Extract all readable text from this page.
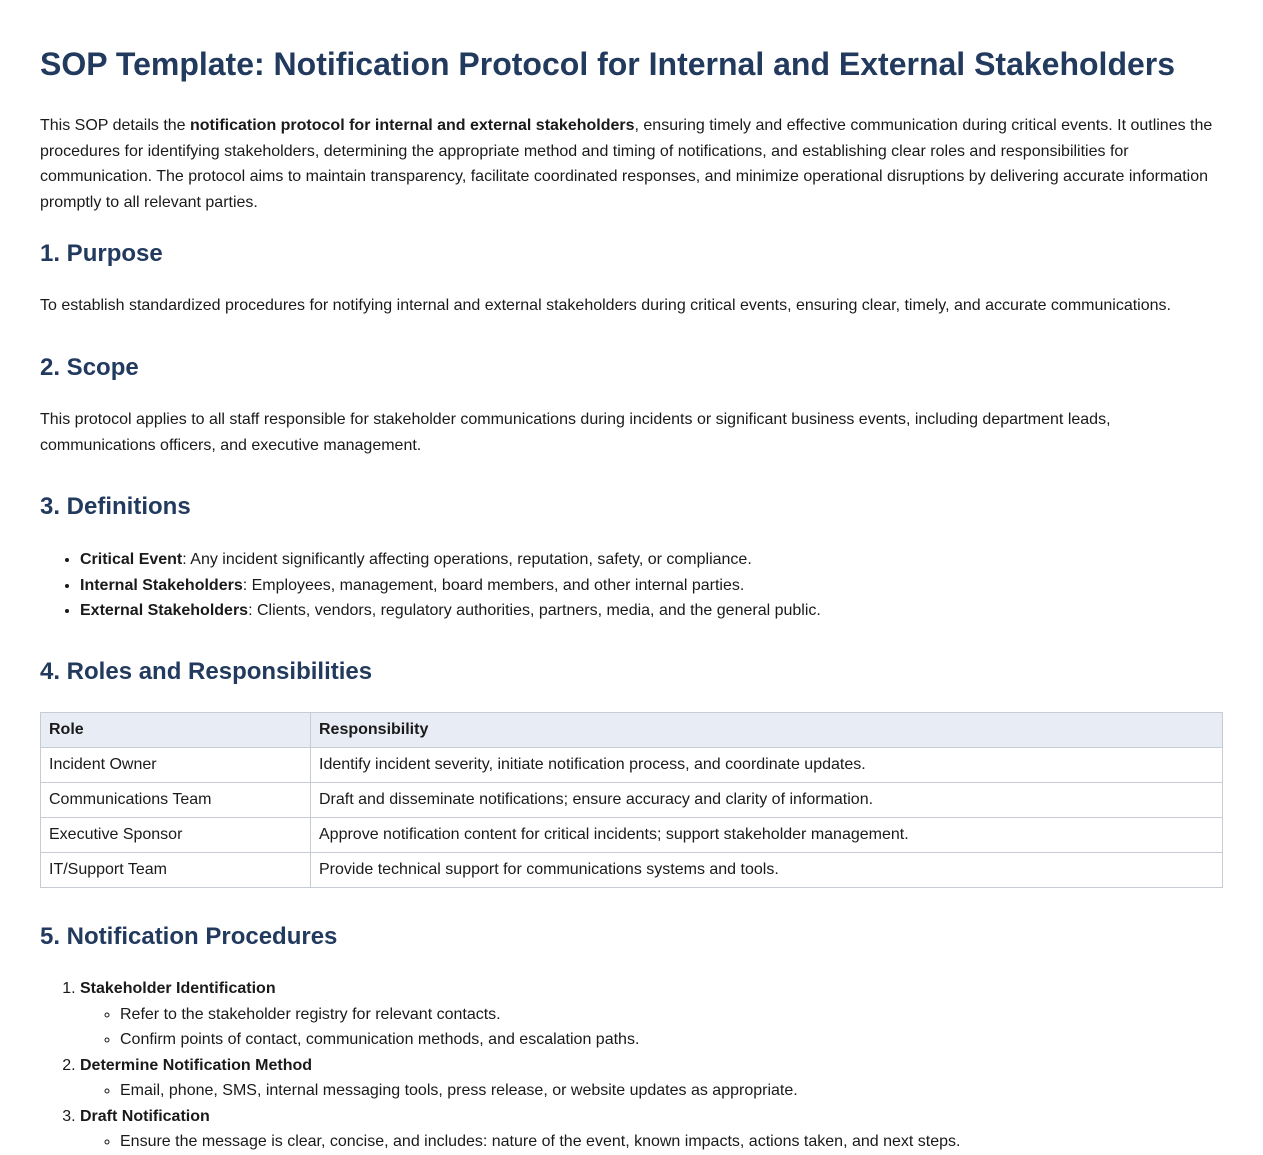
SOP Template: Notification Protocol for Internal and External Stakeholders

This SOP details the notification protocol for internal and external stakeholders, ensuring timely and effective communication during critical events. It outlines the procedures for identifying stakeholders, determining the appropriate method and timing of notifications, and establishing clear roles and responsibilities for communication. The protocol aims to maintain transparency, facilitate coordinated responses, and minimize operational disruptions by delivering accurate information promptly to all relevant parties.

1. Purpose

To establish standardized procedures for notifying internal and external stakeholders during critical events, ensuring clear, timely, and accurate communications.

2. Scope

This protocol applies to all staff responsible for stakeholder communications during incidents or significant business events, including department leads, communications officers, and executive management.

3. Definitions
• Critical Event: Any incident significantly affecting operations, reputation, safety, or compliance.
• Internal Stakeholders: Employees, management, board members, and other internal parties.
• External Stakeholders: Clients, vendors, regulatory authorities, partners, media, and the general public.
4. Roles and Responsibilities
Role	Responsibility
Incident Owner	Identify incident severity, initiate notification process, and coordinate updates.
Communications Team	Draft and disseminate notifications; ensure accuracy and clarity of information.
Executive Sponsor	Approve notification content for critical incidents; support stakeholder management.
IT/Support Team	Provide technical support for communications systems and tools.
5. Notification Procedures
1. Stakeholder Identification
◦ Refer to the stakeholder registry for relevant contacts.
◦ Confirm points of contact, communication methods, and escalation paths.
2. Determine Notification Method
◦ Email, phone, SMS, internal messaging tools, press release, or website updates as appropriate.
3. Draft Notification
◦ Ensure the message is clear, concise, and includes: nature of the event, known impacts, actions taken, and next steps.
